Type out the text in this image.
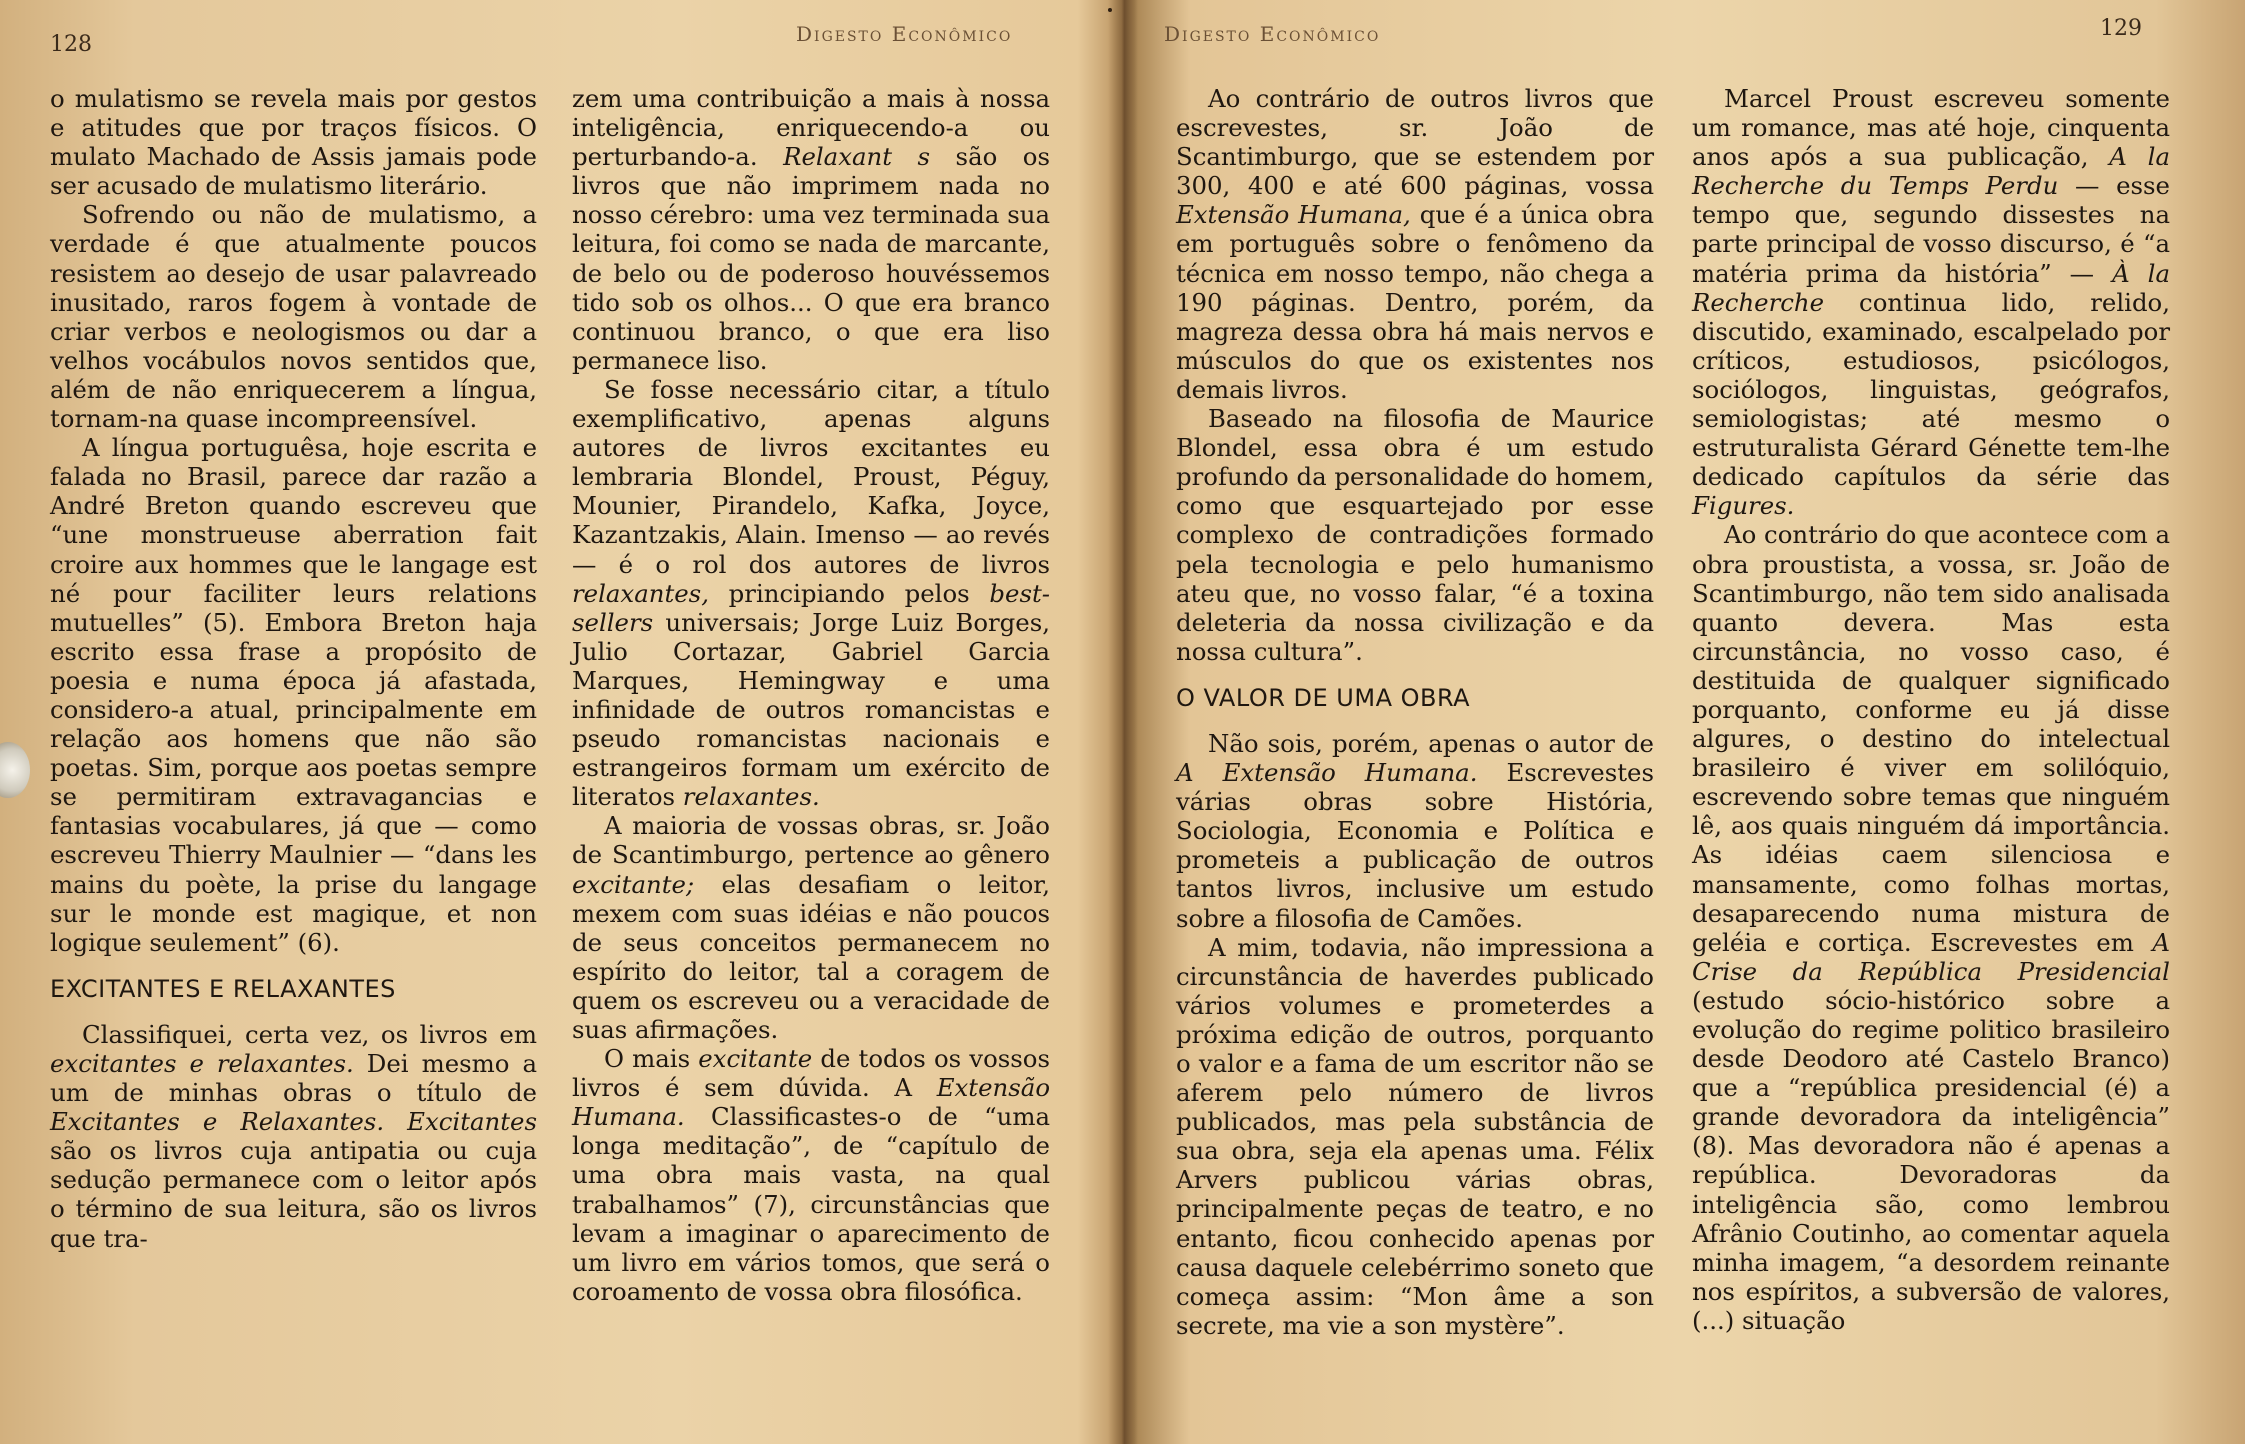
128	Digesto Econômico

o mulatismo se revela mais por gestos e atitudes que por traços físicos. O mulato Machado de Assis jamais pode ser acusado de mulatismo literário.

Sofrendo ou não de mulatismo, a verdade é que atualmente poucos resistem ao desejo de usar palavreado inusitado, raros fogem à vontade de criar verbos e neologismos ou dar a velhos vocábulos novos sentidos que, além de não enriquecerem a língua, tornam-na quase incompreensível.

A língua portuguêsa, hoje escrita e falada no Brasil, parece dar razão a André Breton quando escreveu que “une monstrueuse aberration fait croire aux hommes que le langage est né pour faciliter leurs relations mutuelles” (5). Embora Breton haja escrito essa frase a propósito de poesia e numa época já afastada, considero-a atual, principalmente em relação aos homens que não são poetas. Sim, porque aos poetas sempre se permitiram extravagancias e fantasias vocabulares, já que — como escreveu Thierry Maulnier — “dans les mains du poète, la prise du langage sur le monde est magique, et non logique seulement” (6).

EXCITANTES E RELAXANTES

Classifiquei, certa vez, os livros em excitantes e relaxantes. Dei mesmo a um de minhas obras o título de Excitantes e Relaxantes. Excitantes são os livros cuja antipatia ou cuja sedução permanece com o leitor após o término de sua leitura, são os livros que tra-

zem uma contribuição a mais à nossa inteligência, enriquecendo-a ou perturbando-a. Relaxant s são os livros que não imprimem nada no nosso cérebro: uma vez terminada sua leitura, foi como se nada de marcante, de belo ou de poderoso houvéssemos tido sob os olhos... O que era branco continuou branco, o que era liso permanece liso.

Se fosse necessário citar, a título exemplificativo, apenas alguns autores de livros excitantes eu lembraria Blondel, Proust, Péguy, Mounier, Pirandelo, Kafka, Joyce, Kazantzakis, Alain. Imenso — ao revés — é o rol dos autores de livros relaxantes, principiando pelos best-sellers universais; Jorge Luiz Borges, Julio Cortazar, Gabriel Garcia Marques, Hemingway e uma infinidade de outros romancistas e pseudo romancistas nacionais e estrangeiros formam um exército de literatos relaxantes.

A maioria de vossas obras, sr. João de Scantimburgo, pertence ao gênero excitante; elas desafiam o leitor, mexem com suas idéias e não poucos de seus conceitos permanecem no espírito do leitor, tal a coragem de quem os escreveu ou a veracidade de suas afirmações.

O mais excitante de todos os vossos livros é sem dúvida. A Extensão Humana. Classificastes-o de “uma longa meditação”, de “capítulo de uma obra mais vasta, na qual trabalhamos” (7), circunstâncias que levam a imaginar o aparecimento de um livro em vários tomos, que será o coroamento de vossa obra filosófica.

Digesto Econômico	129

Ao contrário de outros livros que escrevestes, sr. João de Scantimburgo, que se estendem por 300, 400 e até 600 páginas, vossa Extensão Humana, que é a única obra em português sobre o fenômeno da técnica em nosso tempo, não chega a 190 páginas. Dentro, porém, da magreza dessa obra há mais nervos e músculos do que os existentes nos demais livros.

Baseado na filosofia de Maurice Blondel, essa obra é um estudo profundo da personalidade do homem, como que esquartejado por esse complexo de contradições formado pela tecnologia e pelo humanismo ateu que, no vosso falar, “é a toxina deleteria da nossa civilização e da nossa cultura”.

O VALOR DE UMA OBRA

Não sois, porém, apenas o autor de A Extensão Humana. Escrevestes várias obras sobre História, Sociologia, Economia e Política e prometeis a publicação de outros tantos livros, inclusive um estudo sobre a filosofia de Camões.

A mim, todavia, não impressiona a circunstância de haverdes publicado vários volumes e prometerdes a próxima edição de outros, porquanto o valor e a fama de um escritor não se aferem pelo número de livros publicados, mas pela substância de sua obra, seja ela apenas uma. Félix Arvers publicou várias obras, principalmente peças de teatro, e no entanto, ficou conhecido apenas por causa daquele celebérrimo soneto que começa assim: “Mon âme a son secrete, ma vie a son mystère”.

Marcel Proust escreveu somente um romance, mas até hoje, cinquenta anos após a sua publicação, A la Recherche du Temps Perdu — esse tempo que, segundo dissestes na parte principal de vosso discurso, é “a matéria prima da história” — À la Recherche continua lido, relido, discutido, examinado, escalpelado por críticos, estudiosos, psicólogos, sociólogos, linguistas, geógrafos, semiologistas; até mesmo o estruturalista Gérard Génette tem-lhe dedicado capítulos da série das Figures.

Ao contrário do que acontece com a obra proustista, a vossa, sr. João de Scantimburgo, não tem sido analisada quanto devera. Mas esta circunstância, no vosso caso, é destituida de qualquer significado porquanto, conforme eu já disse algures, o destino do intelectual brasileiro é viver em solilóquio, escrevendo sobre temas que ninguém lê, aos quais ninguém dá importância. As idéias caem silenciosa e mansamente, como folhas mortas, desaparecendo numa mistura de geléia e cortiça. Escrevestes em A Crise da República Presidencial (estudo sócio-histórico sobre a evolução do regime politico brasileiro desde Deodoro até Castelo Branco) que a “república presidencial (é) a grande devoradora da inteligência” (8). Mas devoradora não é apenas a república. Devoradoras da inteligência são, como lembrou Afrânio Coutinho, ao comentar aquela minha imagem, “a desordem reinante nos espíritos, a subversão de valores, (...) situação
